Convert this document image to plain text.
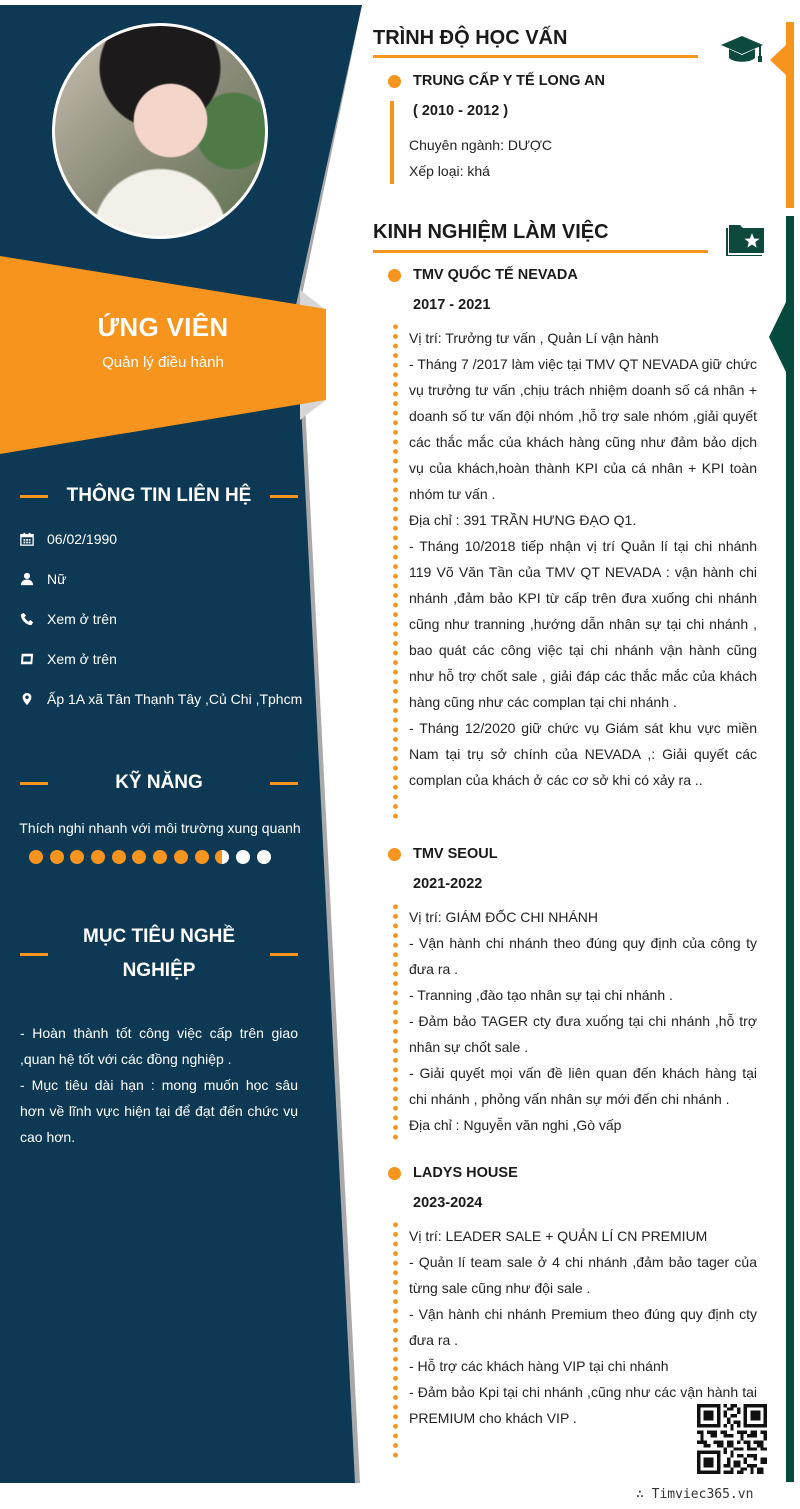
ỨNG VIÊN
Quản lý điều hành
THÔNG TIN LIÊN HỆ
06/02/1990
Nữ
Xem ở trên
Xem ở trên
Ấp 1A xã Tân Thạnh Tây ,Củ Chi ,Tphcm
KỸ NĂNG
Thích nghi nhanh với môi trường xung quanh
MỤC TIÊU NGHỀ
NGHIỆP

- Hoàn thành tốt công việc cấp trên giao ,quan hệ tốt với các đồng nghiệp .

- Mục tiêu dài hạn : mong muốn học sâu hơn về lĩnh vực hiện tại để đạt đến chức vụ cao hơn.

TRÌNH ĐỘ HỌC VẤN
TRUNG CẤP Y TẾ LONG AN
( 2010 - 2012 )
Chuyên ngành: DƯỢC
Xếp loại: khá
KINH NGHIỆM LÀM VIỆC
TMV QUỐC TẾ NEVADA
2017 - 2021

Vị trí: Trưởng tư vấn , Quản Lí vận hành

- Tháng 7 /2017 làm việc tại TMV QT NEVADA giữ chức vụ trưởng tư vấn ,chịu trách nhiệm doanh số cá nhân + doanh số tư vấn đội nhóm ,hỗ trợ sale nhóm ,giải quyết các thắc mắc của khách hàng cũng như đảm bảo dịch vụ của khách,hoàn thành KPI của cá nhân + KPI toàn nhóm tư vấn .

Địa chỉ : 391 TRẦN HƯNG ĐẠO Q1.

- Tháng 10/2018 tiếp nhận vị trí Quản lí tại chi nhánh 119 Võ Văn Tần của TMV QT NEVADA : vận hành chi nhánh ,đảm bảo KPI từ cấp trên đưa xuống chi nhánh cũng như tranning ,hướng dẫn nhân sự tại chi nhánh , bao quát các công việc tại chi nhánh vận hành cũng như hỗ trợ chốt sale , giải đáp các thắc mắc của khách hàng cũng như các complan tại chi nhánh .

- Tháng 12/2020 giữ chức vụ Giám sát khu vực miền Nam tại trụ sở chính của NEVADA ,: Giải quyết các complan của khách ở các cơ sở khi có xảy ra ..

TMV SEOUL
2021-2022

Vị trí: GIÁM ĐỐC CHI NHÁNH

- Vận hành chi nhánh theo đúng quy định của công ty đưa ra .

- Tranning ,đào tạo nhân sự tại chi nhánh .

- Đảm bảo TAGER cty đưa xuống tại chi nhánh ,hỗ trợ nhân sự chốt sale .

- Giải quyết mọi vấn đề liên quan đến khách hàng tại chi nhánh , phỏng vấn nhân sự mới đến chi nhánh .

Địa chỉ : Nguyễn văn nghi ,Gò vấp

LADYS HOUSE
2023-2024

Vị trí: LEADER SALE + QUẢN LÍ CN PREMIUM

- Quản lí team sale ở 4 chi nhánh ,đảm bảo tager của từng sale cũng như đội sale .

- Vận hành chi nhánh Premium theo đúng quy định cty đưa ra .

- Hỗ trợ các khách hàng VIP tại chi nhánh

- Đảm bảo Kpi tại chi nhánh ,cũng như các vận hành tai PREMIUM cho khách VIP .

∴ Timviec365.vn
